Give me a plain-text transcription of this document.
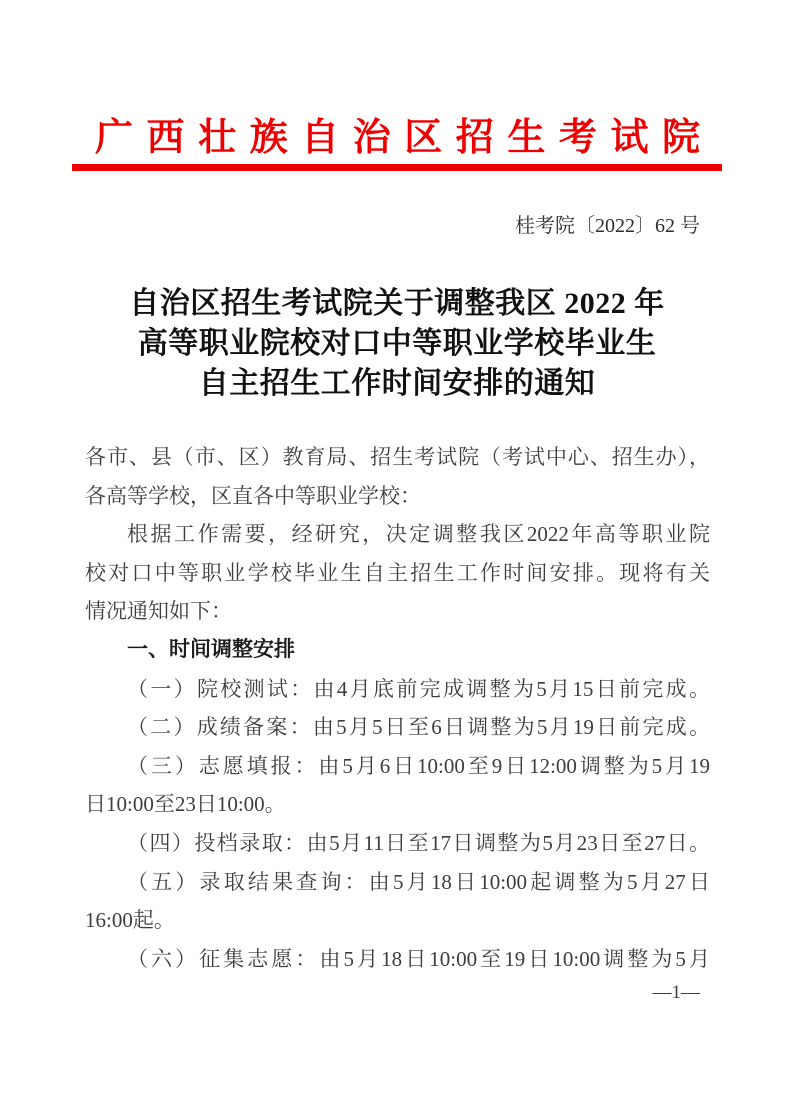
广西壮族自治区招生考试院
桂考院〔2022〕62 号
自治区招生考试院关于调整我区 2022 年
高等职业院校对口中等职业学校毕业生
自主招生工作时间安排的通知
各市、县（市、区）教育局、招生考试院（考试中心、招生办），
各高等学校，区直各中等职业学校：
根据工作需要，经研究，决定调整我区2022年高等职业院
校对口中等职业学校毕业生自主招生工作时间安排。现将有关
情况通知如下：
一、时间调整安排
（一）院校测试：由4月底前完成调整为5月15日前完成。
（二）成绩备案：由5月5日至6日调整为5月19日前完成。
（三）志愿填报：由5月6日10:00至9日12:00调整为5月19
日10:00至23日10:00。
（四）投档录取：由5月11日至17日调整为5月23日至27日。
（五）录取结果查询：由5月18日10:00起调整为5月27日
16:00起。
（六）征集志愿：由5月18日10:00至19日10:00调整为5月
—1—
